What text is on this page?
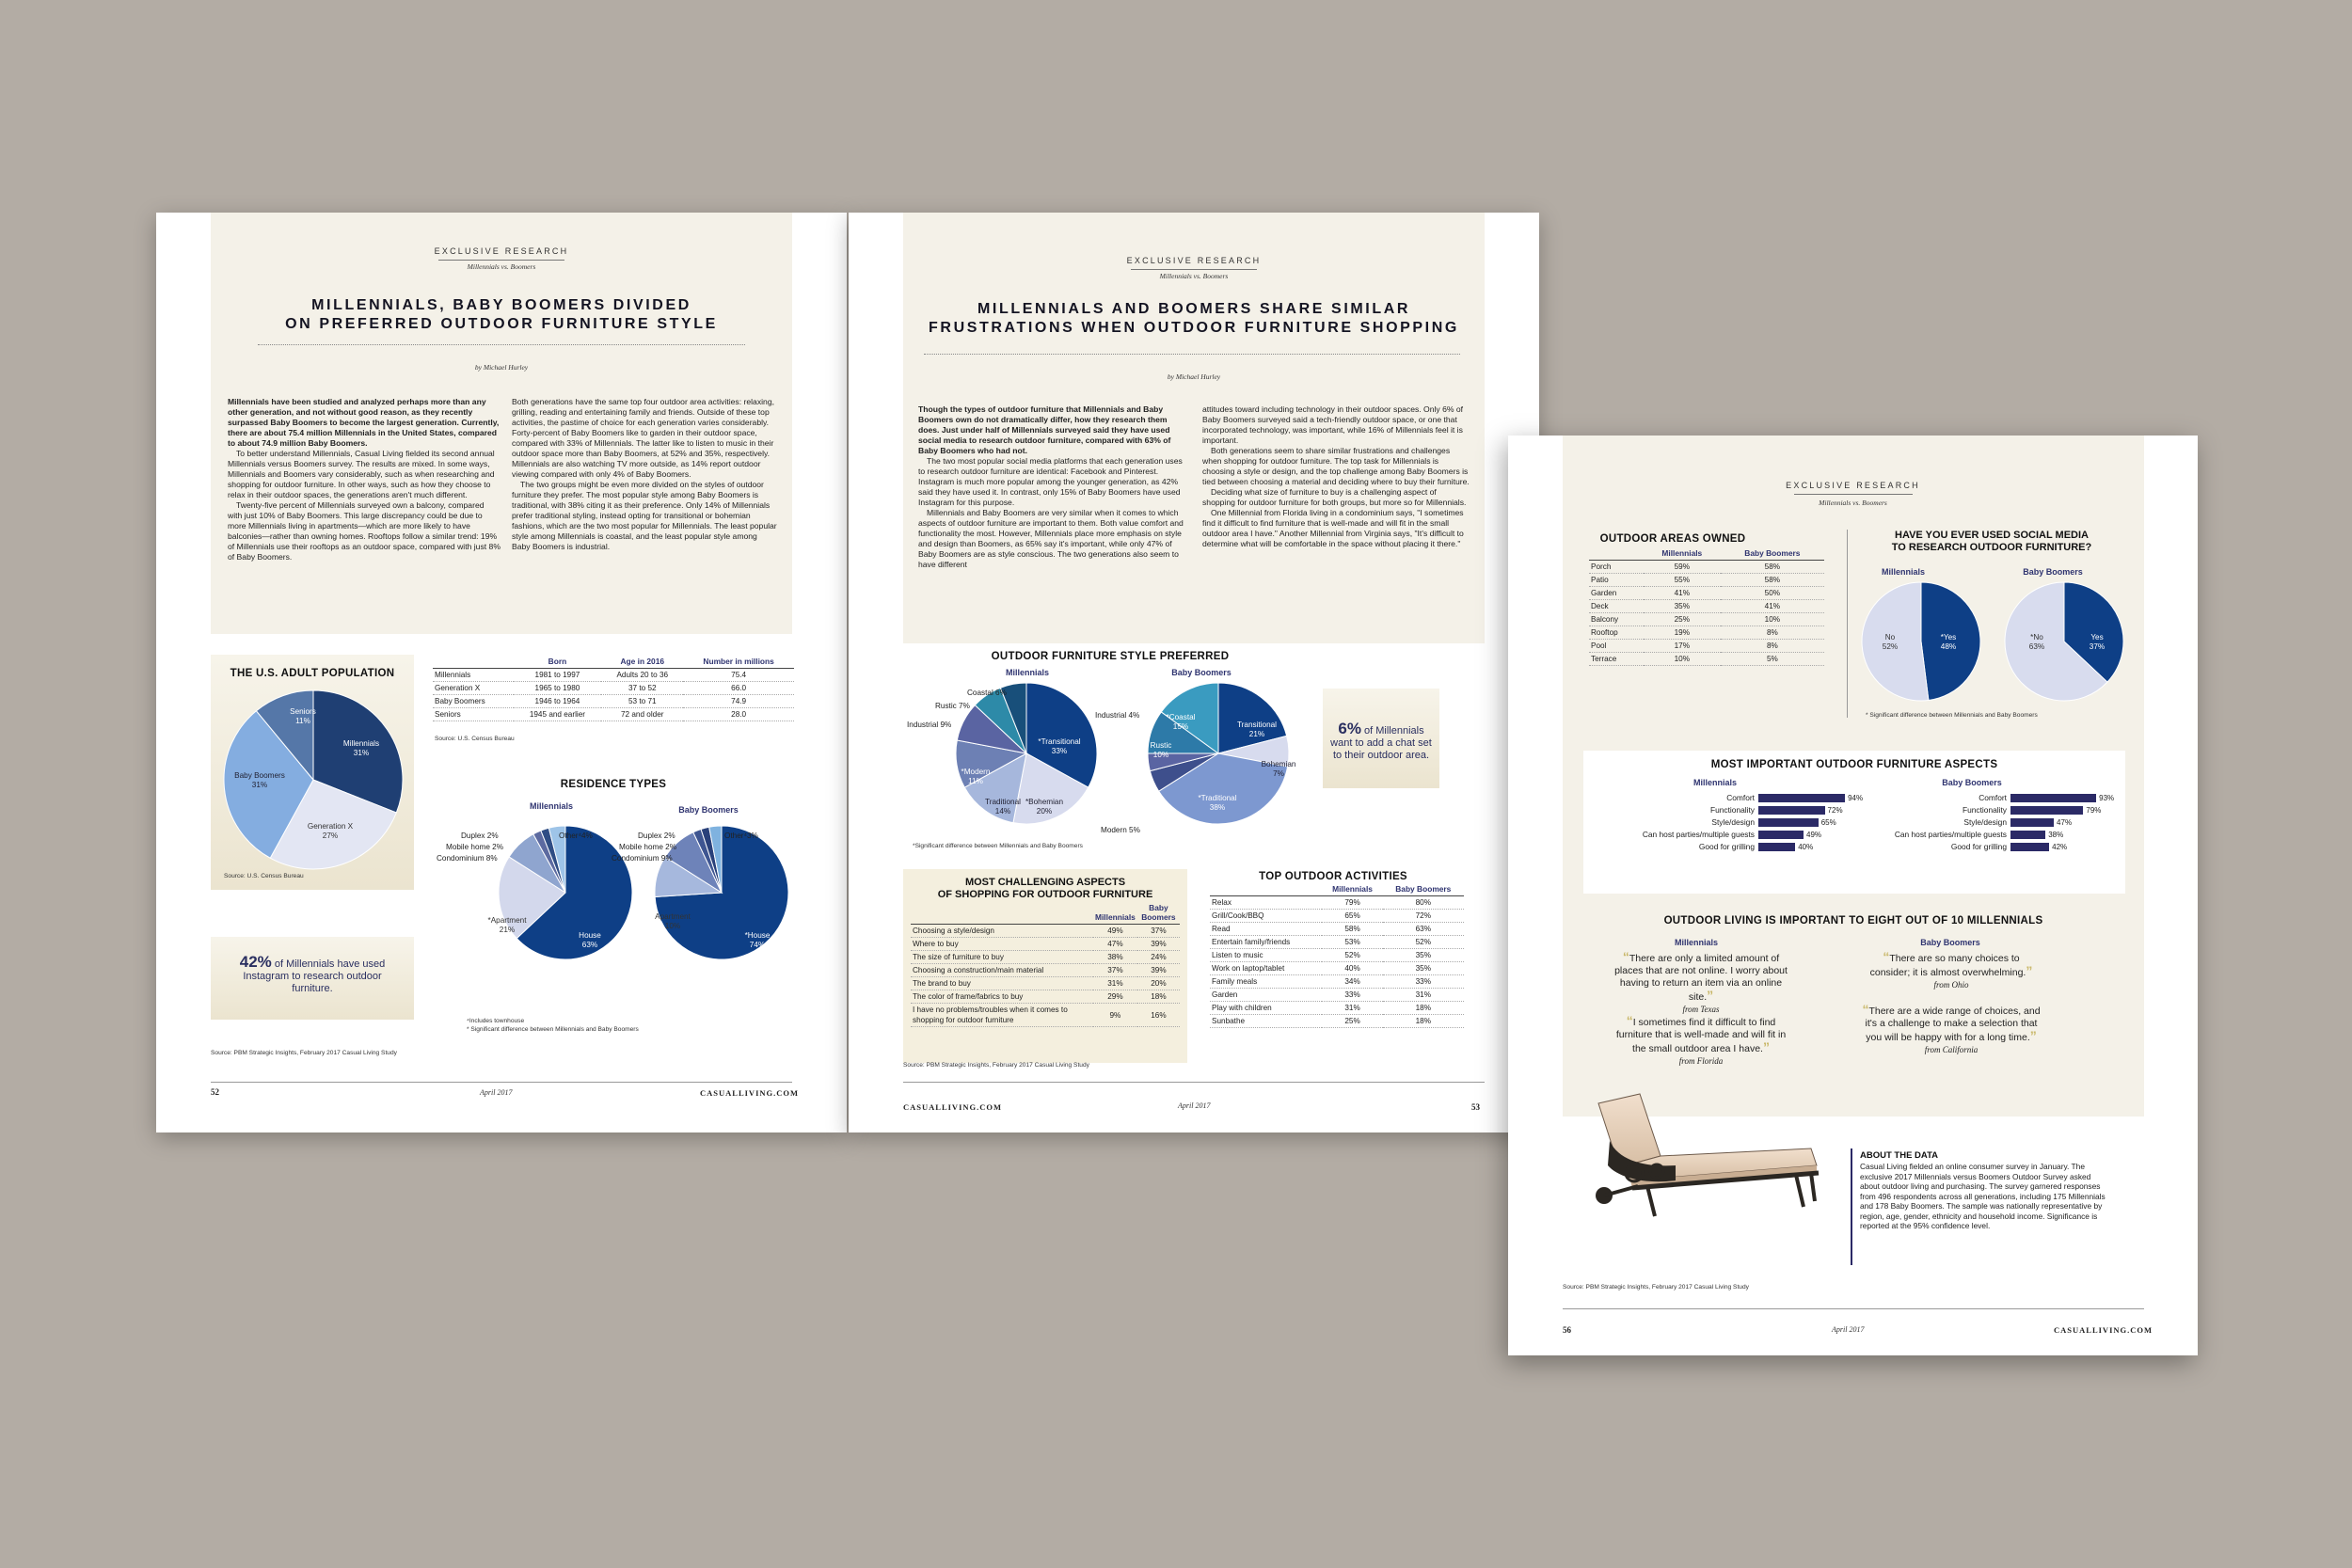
EXCLUSIVE RESEARCH
Millennials vs. Boomers
MILLENNIALS, BABY BOOMERS DIVIDED
ON PREFERRED OUTDOOR FURNITURE STYLE
by Michael Hurley

Millennials have been studied and analyzed perhaps more than any other generation, and not without good reason, as they recently surpassed Baby Boomers to become the largest generation. Currently, there are about 75.4 million Millennials in the United States, compared to about 74.9 million Baby Boomers.

To better understand Millennials, Casual Living fielded its second annual Millennials versus Boomers survey. The results are mixed. In some ways, Millennials and Boomers vary considerably, such as when researching and shopping for outdoor furniture. In other ways, such as how they choose to relax in their outdoor spaces, the generations aren't much different.

Twenty-five percent of Millennials surveyed own a balcony, compared with just 10% of Baby Boomers. This large discrepancy could be due to more Millennials living in apartments—which are more likely to have balconies—rather than owning homes. Rooftops follow a similar trend: 19% of Millennials use their rooftops as an outdoor space, compared with just 8% of Baby Boomers.

Both generations have the same top four outdoor area activities: relaxing, grilling, reading and entertaining family and friends. Outside of these top activities, the pastime of choice for each generation varies considerably. Forty-percent of Baby Boomers like to garden in their outdoor space, compared with 33% of Millennials. The latter like to listen to music in their outdoor space more than Baby Boomers, at 52% and 35%, respectively. Millennials are also watching TV more outside, as 14% report outdoor viewing compared with only 4% of Baby Boomers.

The two groups might be even more divided on the styles of outdoor furniture they prefer. The most popular style among Baby Boomers is traditional, with 38% citing it as their preference. Only 14% of Millennials prefer traditional styling, instead opting for transitional or bohemian fashions, which are the two most popular for Millennials. The least popular style among Millennials is coastal, and the least popular style among Baby Boomers is industrial.

THE U.S. ADULT POPULATION
Millennials
31%
Generation X
27%
Baby Boomers
31%
Seniors
11%
Source: U.S. Census Bureau
	Born	Age in 2016	Number in millions
Millennials	1981 to 1997	Adults 20 to 36	75.4
Generation X	1965 to 1980	37 to 52	66.0
Baby Boomers	1946 to 1964	53 to 71	74.9
Seniors	1945 and earlier	72 and older	28.0
Source: U.S. Census Bureau
42% of Millennials have used Instagram to research outdoor furniture.
RESIDENCE TYPES
Millennials	Baby Boomers
Duplex 2%
Mobile home 2%
Condominium 8%
Other⁴4%
*Apartment
21%
House
63%
Duplex 2%
Mobile home 2%
Condominium 9%
Other⁴3%
Apartment
10%
*House
74%
⁴Includes townhouse
* Significant difference between Millennials and Baby Boomers
Source: PBM Strategic Insights, February 2017 Casual Living Study
52	April 2017	CASUALLIVING.COM
EXCLUSIVE RESEARCH
Millennials vs. Boomers
MILLENNIALS AND BOOMERS SHARE SIMILAR
FRUSTRATIONS WHEN OUTDOOR FURNITURE SHOPPING
by Michael Hurley

Though the types of outdoor furniture that Millennials and Baby Boomers own do not dramatically differ, how they research them does. Just under half of Millennials surveyed said they have used social media to research outdoor furniture, compared with 63% of Baby Boomers who had not.

The two most popular social media platforms that each generation uses to research outdoor furniture are identical: Facebook and Pinterest. Instagram is much more popular among the younger generation, as 42% said they have used it. In contrast, only 15% of Baby Boomers have used Instagram for this purpose.

Millennials and Baby Boomers are very similar when it comes to which aspects of outdoor furniture are important to them. Both value comfort and functionality the most. However, Millennials place more emphasis on style and design than Boomers, as 65% say it's important, while only 47% of Baby Boomers are as style conscious. The two generations also seem to have different

attitudes toward including technology in their outdoor spaces. Only 6% of Baby Boomers surveyed said a tech-friendly outdoor space, or one that incorporated technology, was important, while 16% of Millennials feel it is important.

Both generations seem to share similar frustrations and challenges when shopping for outdoor furniture. The top task for Millennials is choosing a style or design, and the top challenge among Baby Boomers is tied between choosing a material and deciding where to buy their furniture.

Deciding what size of furniture to buy is a challenging aspect of shopping for outdoor furniture for both groups, but more so for Millennials.

One Millennial from Florida living in a condominium says, "I sometimes find it difficult to find furniture that is well-made and will fit in the small outdoor area I have." Another Millennial from Virginia says, "It's difficult to determine what will be comfortable in the space without placing it there."

OUTDOOR FURNITURE STYLE PREFERRED
Millennials	Baby Boomers
Coastal 6%
Rustic 7%
Industrial 9%
*Transitional
33%
*Modern
11%
Traditional
14%
*Bohemian
20%
Industrial 4%	*Coastal
15%
Rustic
10%
Transitional
21%
Bohemian
7%
*Traditional
38%
Modern 5%
*Significant difference between Millennials and Baby Boomers
6% of Millennials want to add a chat set to their outdoor area.
MOST CHALLENGING ASPECTS
OF SHOPPING FOR OUTDOOR FURNITURE
	Millennials	Baby Boomers
Choosing a style/design	49%	37%
Where to buy	47%	39%
The size of furniture to buy	38%	24%
Choosing a construction/main material	37%	39%
The brand to buy	31%	20%
The color of frame/fabrics to buy	29%	18%
I have no problems/troubles when it comes to shopping for outdoor furniture	9%	16%
TOP OUTDOOR ACTIVITIES
	Millennials	Baby Boomers
Relax	79%	80%
Grill/Cook/BBQ	65%	72%
Read	58%	63%
Entertain family/friends	53%	52%
Listen to music	52%	35%
Work on laptop/tablet	40%	35%
Family meals	34%	33%
Garden	33%	31%
Play with children	31%	18%
Sunbathe	25%	18%
Source: PBM Strategic Insights, February 2017 Casual Living Study
CASUALLIVING.COM	April 2017	53
EXCLUSIVE RESEARCH
Millennials vs. Boomers
OUTDOOR AREAS OWNED
	Millennials	Baby Boomers
Porch	59%	58%
Patio	55%	58%
Garden	41%	50%
Deck	35%	41%
Balcony	25%	10%
Rooftop	19%	8%
Pool	17%	8%
Terrace	10%	5%
HAVE YOU EVER USED SOCIAL MEDIA
TO RESEARCH OUTDOOR FURNITURE?
Millennials	Baby Boomers
No
52%
*Yes
48%
*No
63%
Yes
37%
* Significant difference between Millennials and Baby Boomers
MOST IMPORTANT OUTDOOR FURNITURE ASPECTS
Millennials	Baby Boomers
OUTDOOR LIVING IS IMPORTANT TO EIGHT OUT OF 10 MILLENNIALS
Millennials	Baby Boomers
“There are only a limited amount of places that are not online. I worry about having to return an item via an online site.”
from Texas
“There are so many choices to consider; it is almost overwhelming.”
from Ohio
“I sometimes find it difficult to find furniture that is well-made and will fit in the small outdoor area I have.”
from Florida
“There are a wide range of choices, and it's a challenge to make a selection that you will be happy with for a long time.”
from California
ABOUT THE DATA
Casual Living fielded an online consumer survey in January. The exclusive 2017 Millennials versus Boomers Outdoor Survey asked about outdoor living and purchasing. The survey garnered responses from 496 respondents across all generations, including 175 Millennials and 178 Baby Boomers. The sample was nationally representative by region, age, gender, ethnicity and household income. Significance is reported at the 95% confidence level.
Source: PBM Strategic Insights, February 2017 Casual Living Study
56	April 2017	CASUALLIVING.COM
Comfort	94%
Functionality	72%
Style/design	65%
Can host parties/multiple guests	49%
Good for grilling	40%
Comfort	93%
Functionality	79%
Style/design	47%
Can host parties/multiple guests	38%
Good for grilling	42%
